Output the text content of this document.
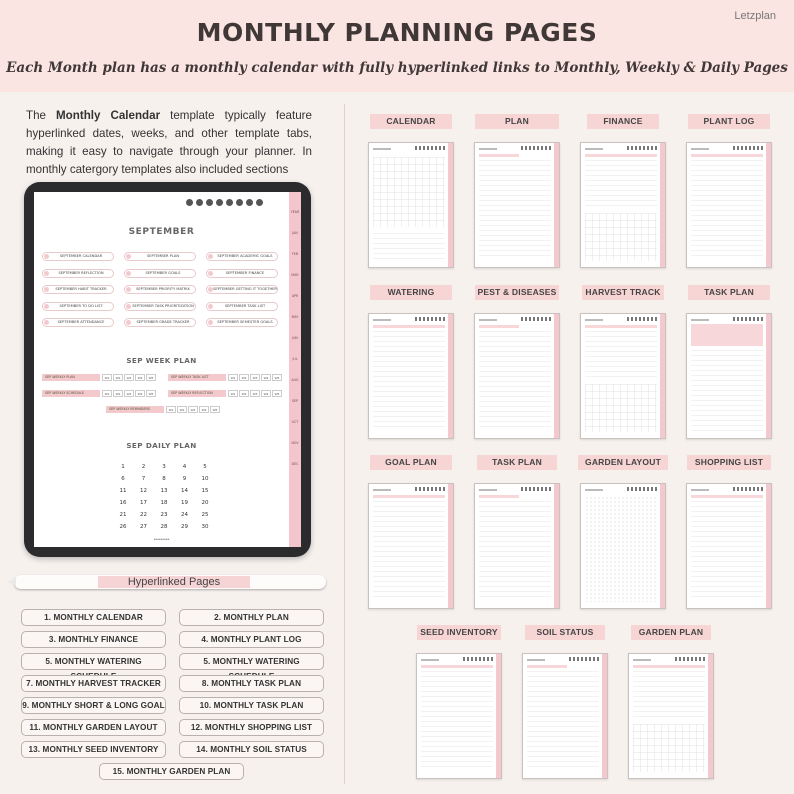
MONTHLY PLANNING PAGES
Letzplan
Each Month plan has a monthly calendar with fully hyperlinked links to Monthly, Weekly & Daily Pages
The Monthly Calendar template typically feature hyperlinked dates, weeks, and other template tabs, making it easy to navigate through your planner. In monthly catergory templates also included sections
YEAR
JAN
FEB
MAR
APR
MAY
JUN
JUL
AUG
SEP
OCT
NOV
DEC
SEPTEMBER
SEPTEMBER CALENDAR	SEPTEMBER PLAN	SEPTEMBER ACADEMIC GOALS
SEPTEMBER REFLECTION	SEPTEMBER GOALS	SEPTEMBER FINANCE
SEPTEMBER HABIT TRACKER	SEPTEMBER PRIORITY MATRIX	SEPTEMBER GETTING IT TOGETHER
SEPTEMBER TO DO LIST	SEPTEMBER TASK PRIORITIZATION	SEPTEMBER TASK LIST
SEPTEMBER ATTENDANCE	SEPTEMBER GRADE TRACKER	SEPTEMBER SEMESTER GOALS
SEP WEEK PLAN
SEP WEEKLY PLAN	W1	W2	W3	W4	W5	SEP WEEKLY TASK LIST	W1	W2	W3	W4	W5
SEP WEEKLY SCHEDULE	W1	W2	W3	W4	W5	SEP WEEKLY REFLECTION	W1	W2	W3	W4	W5
SEP WEEKLY REMINDERS	W1	W2	W3	W4	W5
SEP DAILY PLAN
1	2	3	4	5
6	7	8	9	10
11	12	13	14	15
16	17	18	19	20
21	22	23	24	25
26	27	28	29	30
▪▪▪▪▪▪▪▪▪
Hyperlinked Pages
1. MONTHLY CALENDAR	2. MONTHLY PLAN
3. MONTHLY FINANCE	4. MONTHLY PLANT LOG
5. MONTHLY WATERING	5. MONTHLY WATERING
7. MONTHLY HARVEST TRACKER	8. MONTHLY TASK PLAN
9. MONTHLY SHORT & LONG GOAL	10. MONTHLY TASK PLAN
11. MONTHLY GARDEN LAYOUT	12. MONTHLY SHOPPING LIST
13. MONTHLY SEED INVENTORY	14. MONTHLY SOIL STATUS
15. MONTHLY GARDEN PLAN
CALENDAR	PLAN	FINANCE	PLANT LOG
WATERING	PEST & DISEASES	HARVEST TRACK	TASK PLAN
GOAL PLAN	TASK PLAN	GARDEN LAYOUT	SHOPPING LIST
SEED INVENTORY	SOIL STATUS	GARDEN PLAN
